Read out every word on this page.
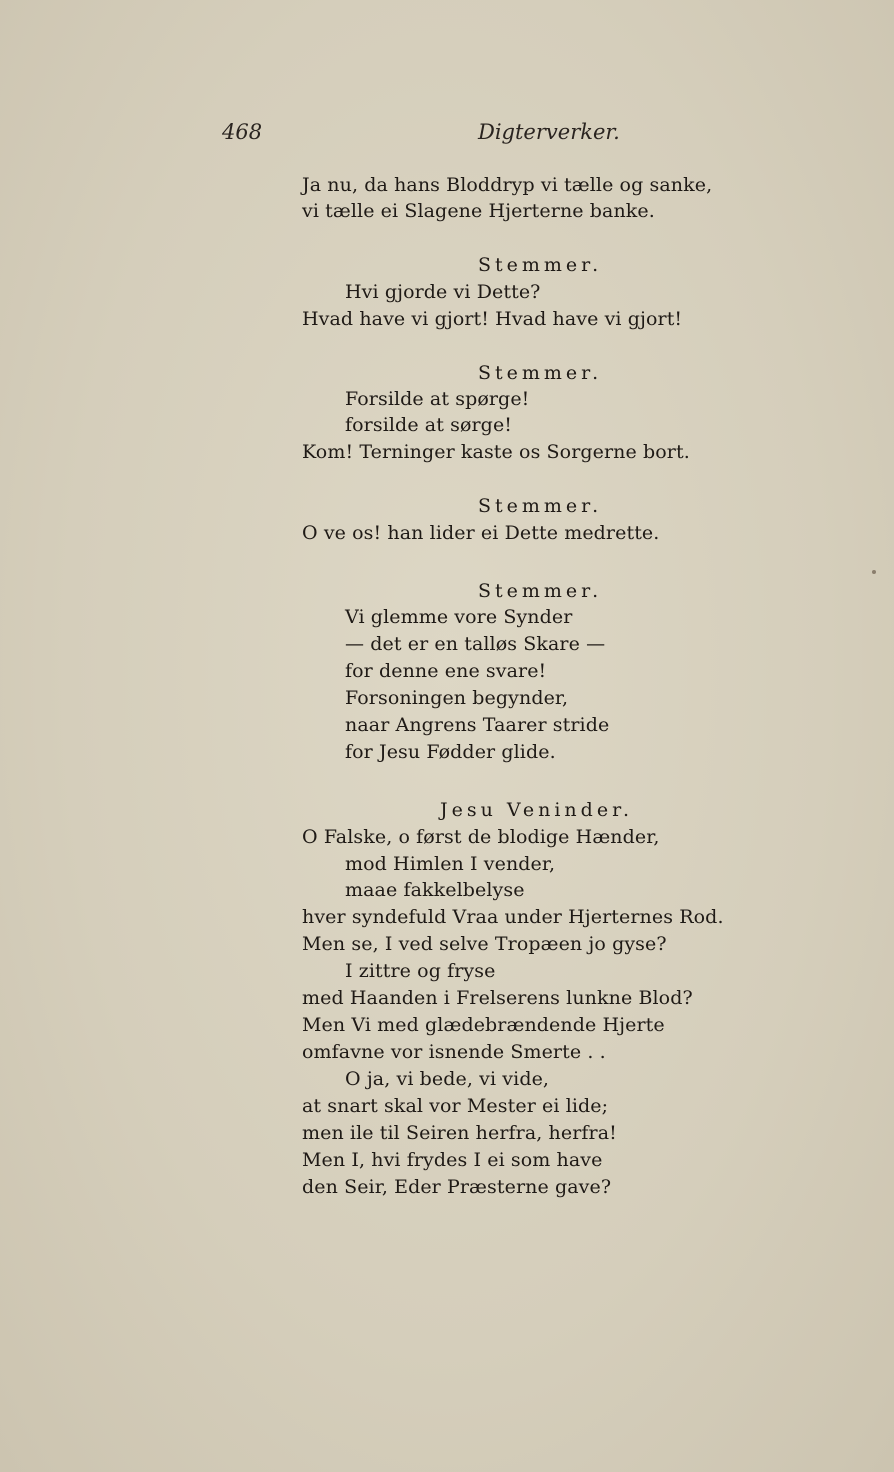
468	Digterverker.
Ja nu, da hans Bloddryp vi tælle og sanke,
vi tælle ei Slagene Hjerterne banke.
Stemmer.
Hvi gjorde vi Dette?
Hvad have vi gjort! Hvad have vi gjort!
Stemmer.
Forsilde at spørge!
forsilde at sørge!
Kom! Terninger kaste os Sorgerne bort.
Stemmer.
O ve os! han lider ei Dette medrette.
Stemmer.
Vi glemme vore Synder
— det er en talløs Skare —
for denne ene svare!
Forsoningen begynder,
naar Angrens Taarer stride
for Jesu Fødder glide.
Jesu Veninder.
O Falske, o først de blodige Hænder,
mod Himlen I vender,
maae fakkelbelyse
hver syndefuld Vraa under Hjerternes Rod.
Men se, I ved selve Tropæen jo gyse?
I zittre og fryse
med Haanden i Frelserens lunkne Blod?
Men Vi med glædebrændende Hjerte
omfavne vor isnende Smerte . .
O ja, vi bede, vi vide,
at snart skal vor Mester ei lide;
men ile til Seiren herfra, herfra!
Men I, hvi frydes I ei som have
den Seir, Eder Præsterne gave?
